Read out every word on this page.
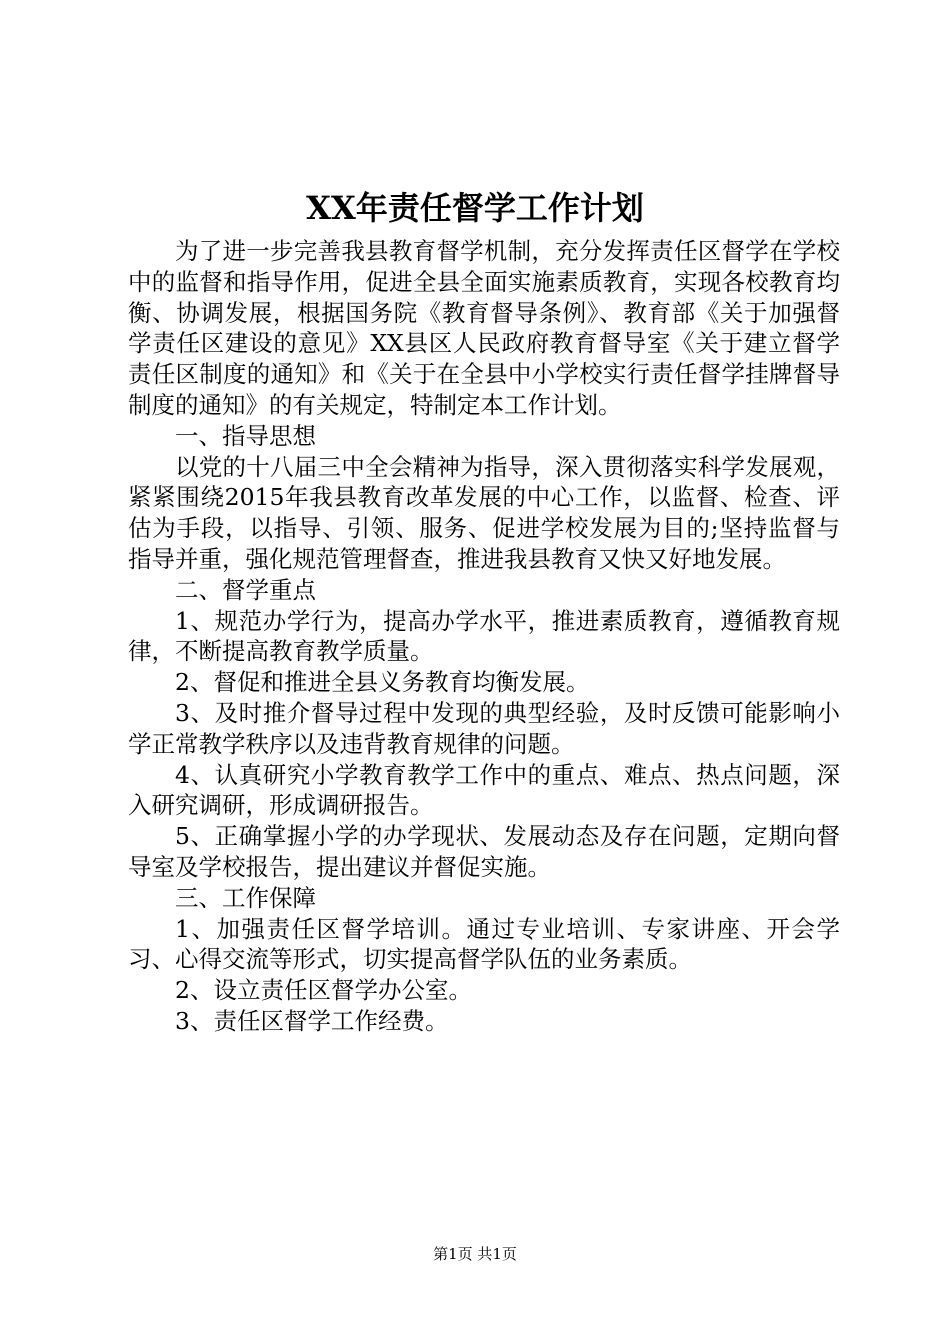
XX年责任督学工作计划

为了进一步完善我县教育督学机制，充分发挥责任区督学在学校中的监督和指导作用，促进全县全面实施素质教育，实现各校教育均衡、协调发展，根据国务院《教育督导条例》、教育部《关于加强督学责任区建设的意见》XX县区人民政府教育督导室《关于建立督学责任区制度的通知》和《关于在全县中小学校实行责任督学挂牌督导制度的通知》的有关规定，特制定本工作计划。

一、指导思想

以党的十八届三中全会精神为指导，深入贯彻落实科学发展观，紧紧围绕2015年我县教育改革发展的中心工作，以监督、检查、评估为手段，以指导、引领、服务、促进学校发展为目的;坚持监督与指导并重，强化规范管理督查，推进我县教育又快又好地发展。

二、督学重点

1、规范办学行为，提高办学水平，推进素质教育，遵循教育规律，不断提高教育教学质量。

2、督促和推进全县义务教育均衡发展。

3、及时推介督导过程中发现的典型经验，及时反馈可能影响小学正常教学秩序以及违背教育规律的问题。

4、认真研究小学教育教学工作中的重点、难点、热点问题，深入研究调研，形成调研报告。

5、正确掌握小学的办学现状、发展动态及存在问题，定期向督导室及学校报告，提出建议并督促实施。

三、工作保障

1、加强责任区督学培训。通过专业培训、专家讲座、开会学习、心得交流等形式，切实提高督学队伍的业务素质。

2、设立责任区督学办公室。

3、责任区督学工作经费。

第1页 共1页
